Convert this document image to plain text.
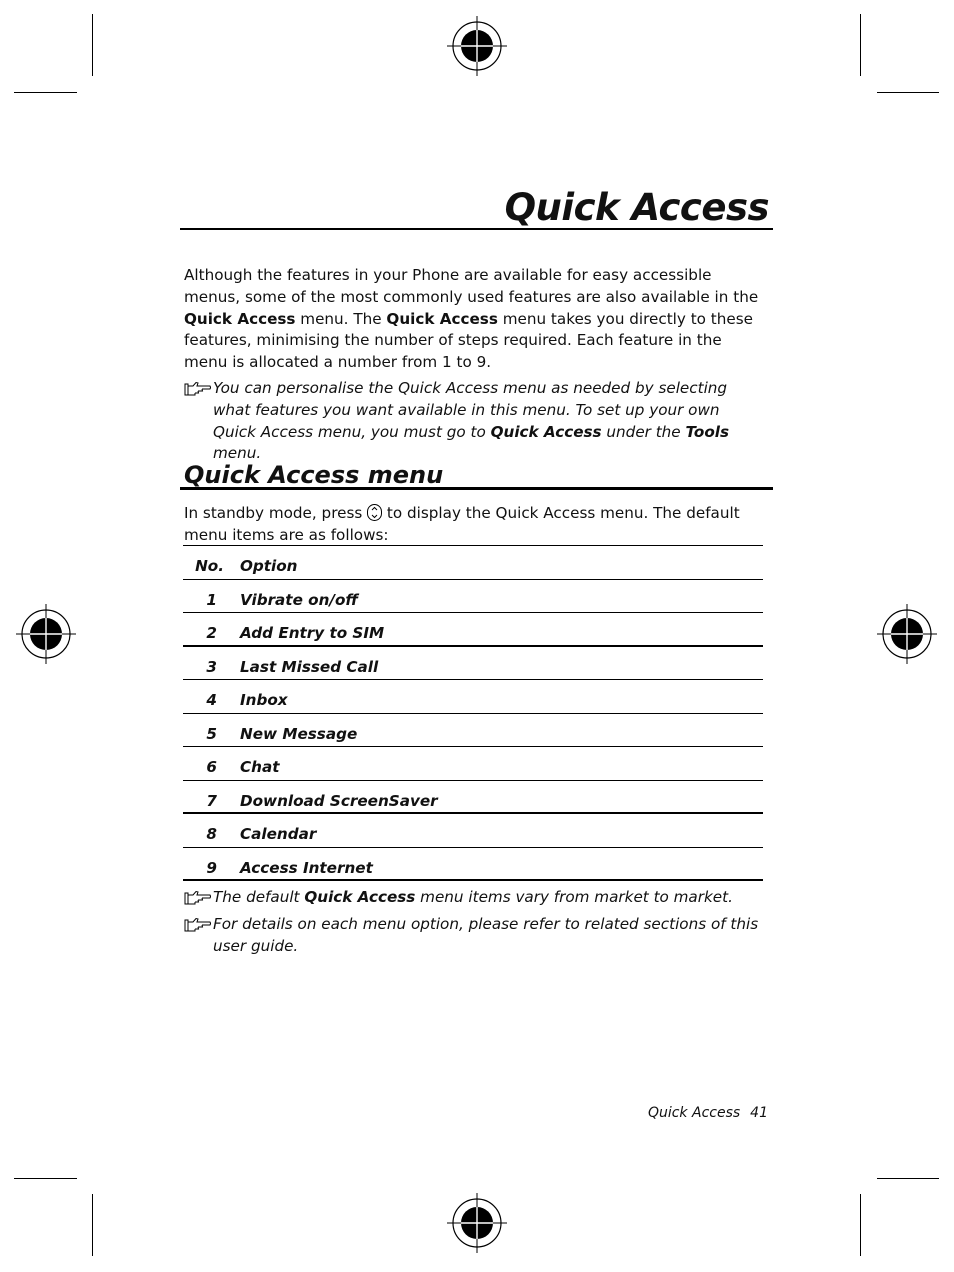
Quick Access
Although the features in your Phone are available for easy accessible menus, some of the most commonly used features are also available in the Quick Access menu. The Quick Access menu takes you directly to these features, minimising the number of steps required. Each feature in the menu is allocated a number from 1 to 9.
You can personalise the Quick Access menu as needed by selecting what features you want available in this menu. To set up your own Quick Access menu, you must go to Quick Access under the Tools menu.
Quick Access menu
In standby mode, press  to display the Quick Access menu. The default menu items are as follows:
No. Option
1 Vibrate on/off
2 Add Entry to SIM
3 Last Missed Call
4 Inbox
5 New Message
6 Chat
7 Download ScreenSaver
8 Calendar
9 Access Internet
The default Quick Access menu items vary from market to market.
For details on each menu option, please refer to related sections of this user guide.
Quick Access 41
